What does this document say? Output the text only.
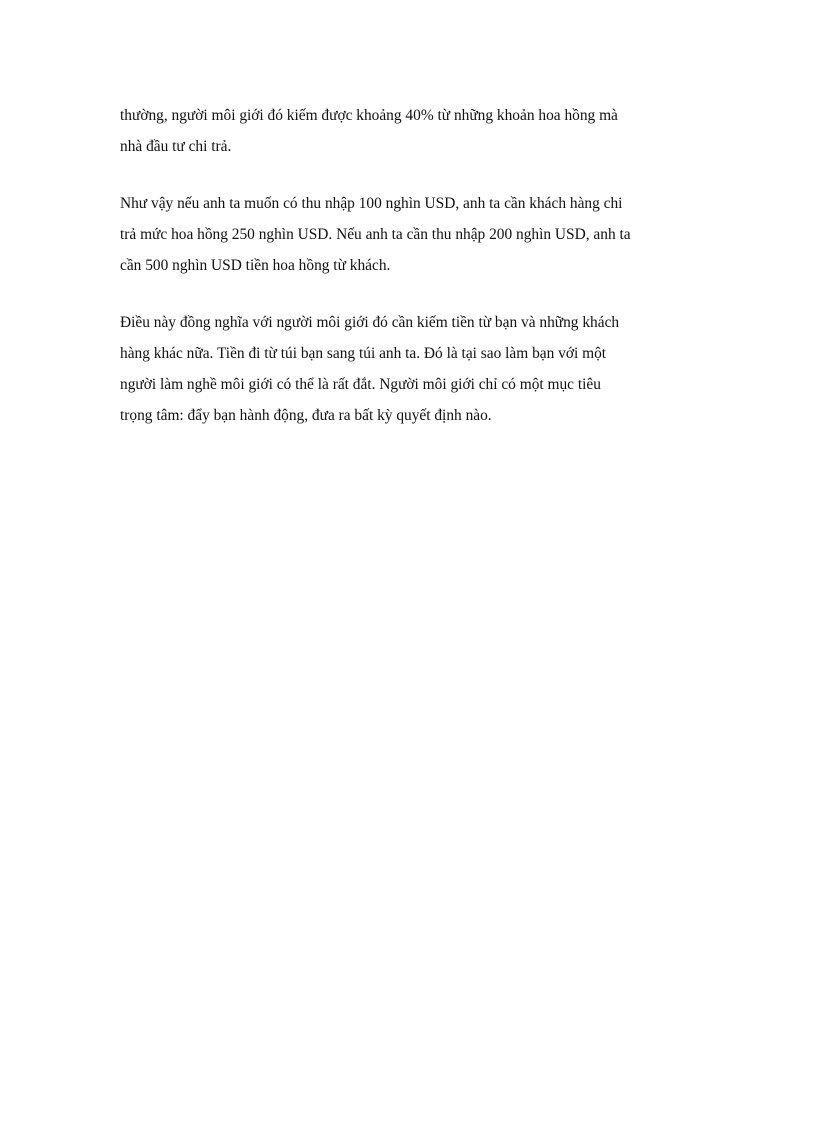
thường, người môi giới đó kiếm được khoảng 40% từ những khoản hoa hồng mà
nhà đầu tư chi trả.

Như vậy nếu anh ta muốn có thu nhập 100 nghìn USD, anh ta cần khách hàng chi
trả mức hoa hồng 250 nghìn USD. Nếu anh ta cần thu nhập 200 nghìn USD, anh ta
cần 500 nghìn USD tiền hoa hồng từ khách.

Điều này đồng nghĩa với người môi giới đó cần kiếm tiền từ bạn và những khách
hàng khác nữa. Tiền đi từ túi bạn sang túi anh ta. Đó là tại sao làm bạn với một
người làm nghề môi giới có thể là rất đắt. Người môi giới chỉ có một mục tiêu
trọng tâm: đẩy bạn hành động, đưa ra bất kỳ quyết định nào.
